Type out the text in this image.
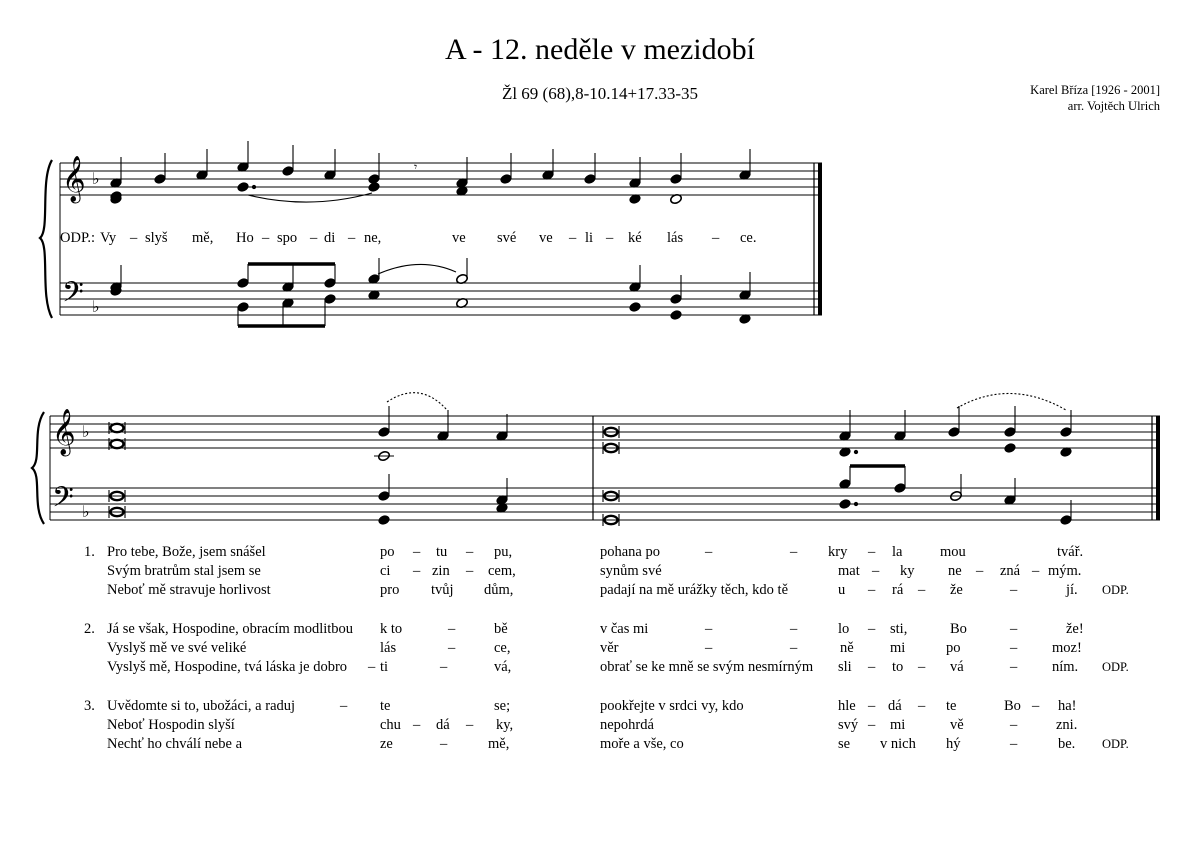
A - 12. neděle v mezidobí
Žl 69 (68),8-10.14+17.33-35	Karel Bříza [1926 - 2001]
arr. Vojtěch Ulrich
𝄞
𝄢
♭
♭
𝄾
𝄞
𝄢
♭
♭
ODP.: Vy – slyš mě, Ho – spo – di – ne,	ve své ve – li – ké lás – ce.
1. Pro tebe, Bože, jsem snášel	po – tu – pu,	pohana po	–	– kry – la	mou	tvář.
Svým bratrům stal jsem se	ci – zin – cem,	synům své	mat – ky ne – zná – mým.
Neboť mě stravuje horlivost	pro tvůj dům,	padají na mě urážky těch, kdo tě	u – rá – že	–	jí. ODP.
2. Já se však, Hospodine, obracím modlitbou k to	–	bě	v čas mi	–	–	lo – sti,	Bo	–	že!
Vyslyš mě ve své veliké	lás	–	ce,	věr	–	–	ně	mi	po	– moz!
Vyslyš mě, Hospodine, tvá láska je dobro – ti	–	vá,	obrať se ke mně se svým nesmírným sli – to – vá	– ním. ODP.
3. Uvědomte si to, ubožáci, a raduj	– te	se;	pookřejte v srdci vy, kdo	hle – dá – te	Bo – ha!
Neboť Hospodin slyší	chu – dá – ky,	nepohrdá	svý – mi	vě	–	zni.
Nechť ho chválí nebe a	ze	–	mě,	moře a vše, co	se v nich hý	–	be. ODP.
